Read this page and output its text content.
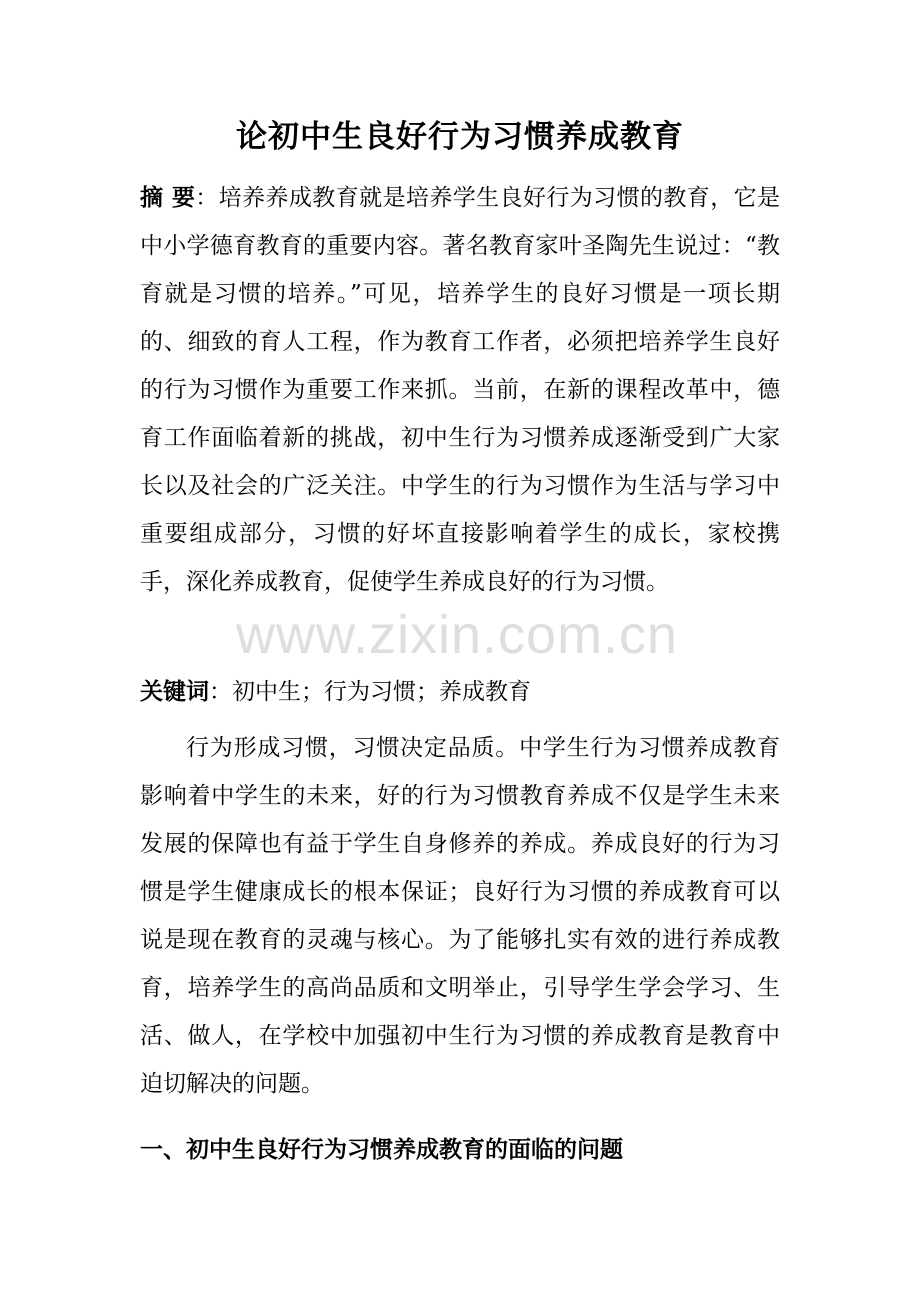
论初中生良好行为习惯养成教育
摘 要：培养养成教育就是培养学生良好行为习惯的教育，它是中小学德育教育的重要内容。著名教育家叶圣陶先生说过：“教育就是习惯的培养。”可见，培养学生的良好习惯是一项长期的、细致的育人工程，作为教育工作者，必须把培养学生良好的行为习惯作为重要工作来抓。当前，在新的课程改革中，德育工作面临着新的挑战，初中生行为习惯养成逐渐受到广大家长以及社会的广泛关注。中学生的行为习惯作为生活与学习中重要组成部分，习惯的好坏直接影响着学生的成长，家校携手，深化养成教育，促使学生养成良好的行为习惯。
关键词：初中生；行为习惯；养成教育
行为形成习惯，习惯决定品质。中学生行为习惯养成教育影响着中学生的未来，好的行为习惯教育养成不仅是学生未来发展的保障也有益于学生自身修养的养成。养成良好的行为习惯是学生健康成长的根本保证；良好行为习惯的养成教育可以说是现在教育的灵魂与核心。为了能够扎实有效的进行养成教育，培养学生的高尚品质和文明举止，引导学生学会学习、生活、做人，在学校中加强初中生行为习惯的养成教育是教育中迫切解决的问题。
一、初中生良好行为习惯养成教育的面临的问题
www.zixin.com.cn
